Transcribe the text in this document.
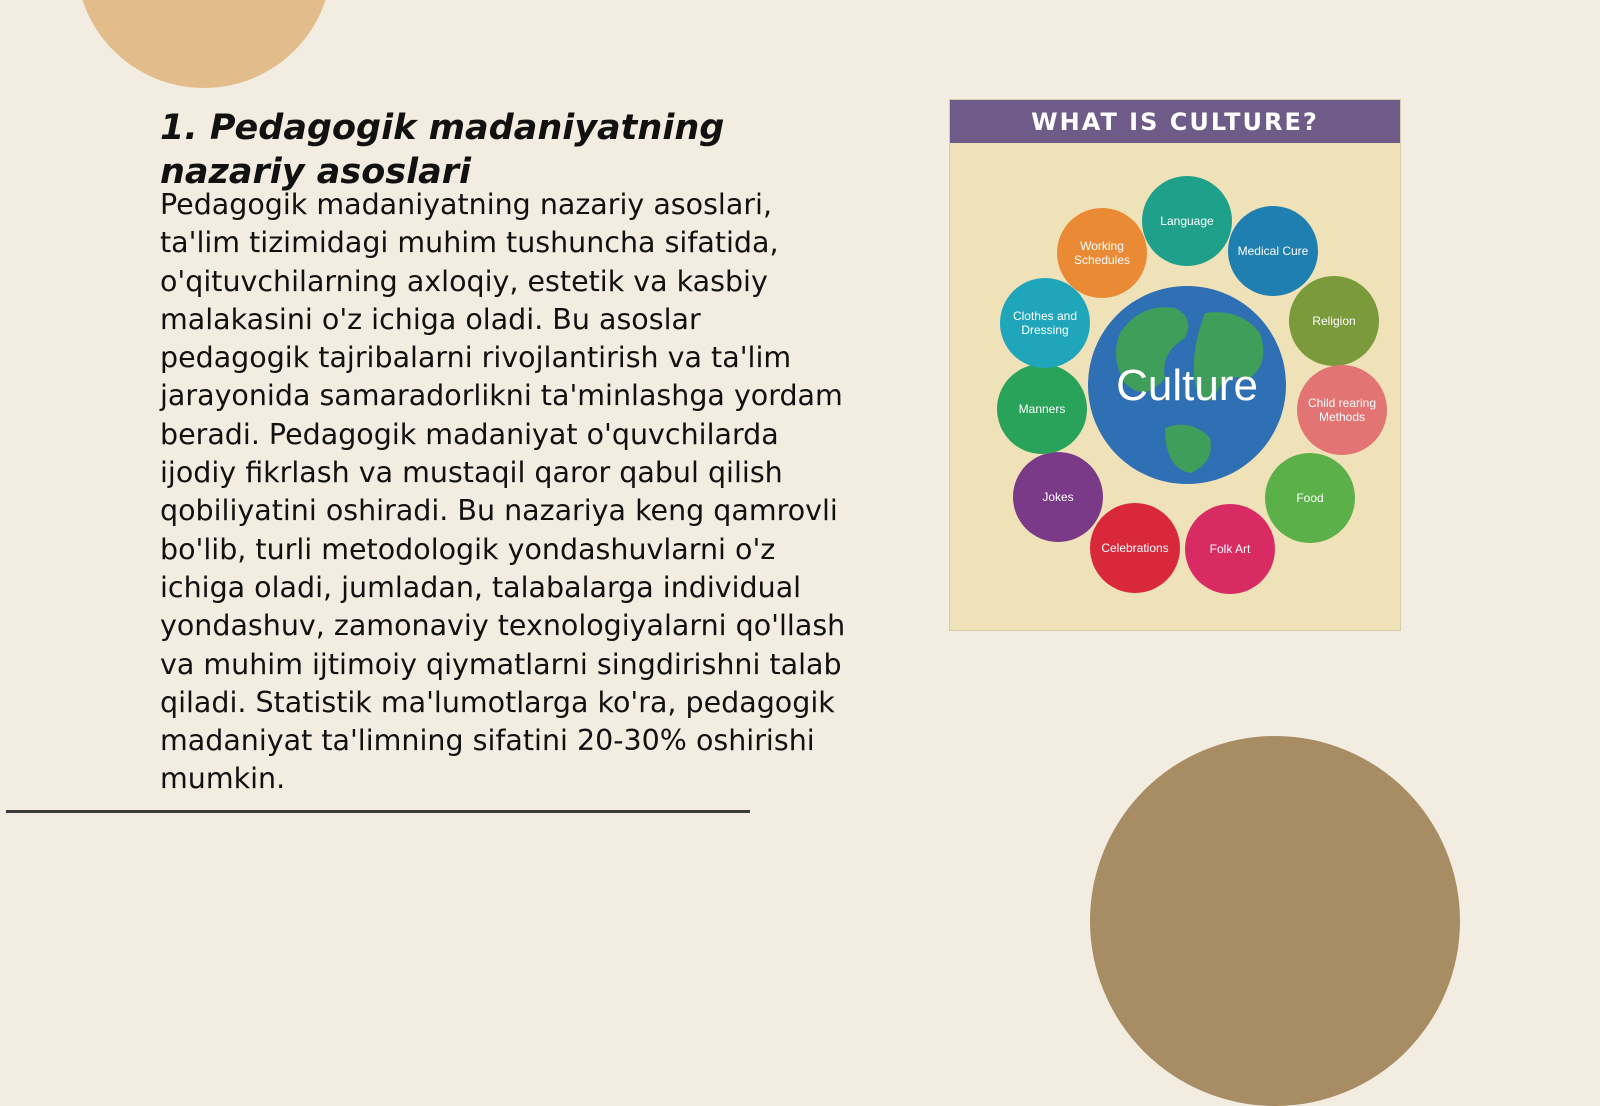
1. Pedagogik madaniyatning nazariy asoslari

Pedagogik madaniyatning nazariy asoslari, ta'lim tizimidagi muhim tushuncha sifatida, o'qituvchilarning axloqiy, estetik va kasbiy malakasini o'z ichiga oladi. Bu asoslar pedagogik tajribalarni rivojlantirish va ta'lim jarayonida samaradorlikni ta'minlashga yordam beradi. Pedagogik madaniyat o'quvchilarda ijodiy fikrlash va mustaqil qaror qabul qilish qobiliyatini oshiradi. Bu nazariya keng qamrovli bo'lib, turli metodologik yondashuvlarni o'z ichiga oladi, jumladan, talabalarga individual yondashuv, zamonaviy texnologiyalarni qo'llash va muhim ijtimoiy qiymatlarni singdirishni talab qiladi. Statistik ma'lumotlarga ko'ra, pedagogik madaniyat ta'limning sifatini 20-30% oshirishi mumkin.

WHAT IS CULTURE?
Language
Medical Cure
Religion
Child rearing Methods
Food
Folk Art
Celebrations
Jokes
Manners
Clothes and Dressing
Working Schedules
Culture
